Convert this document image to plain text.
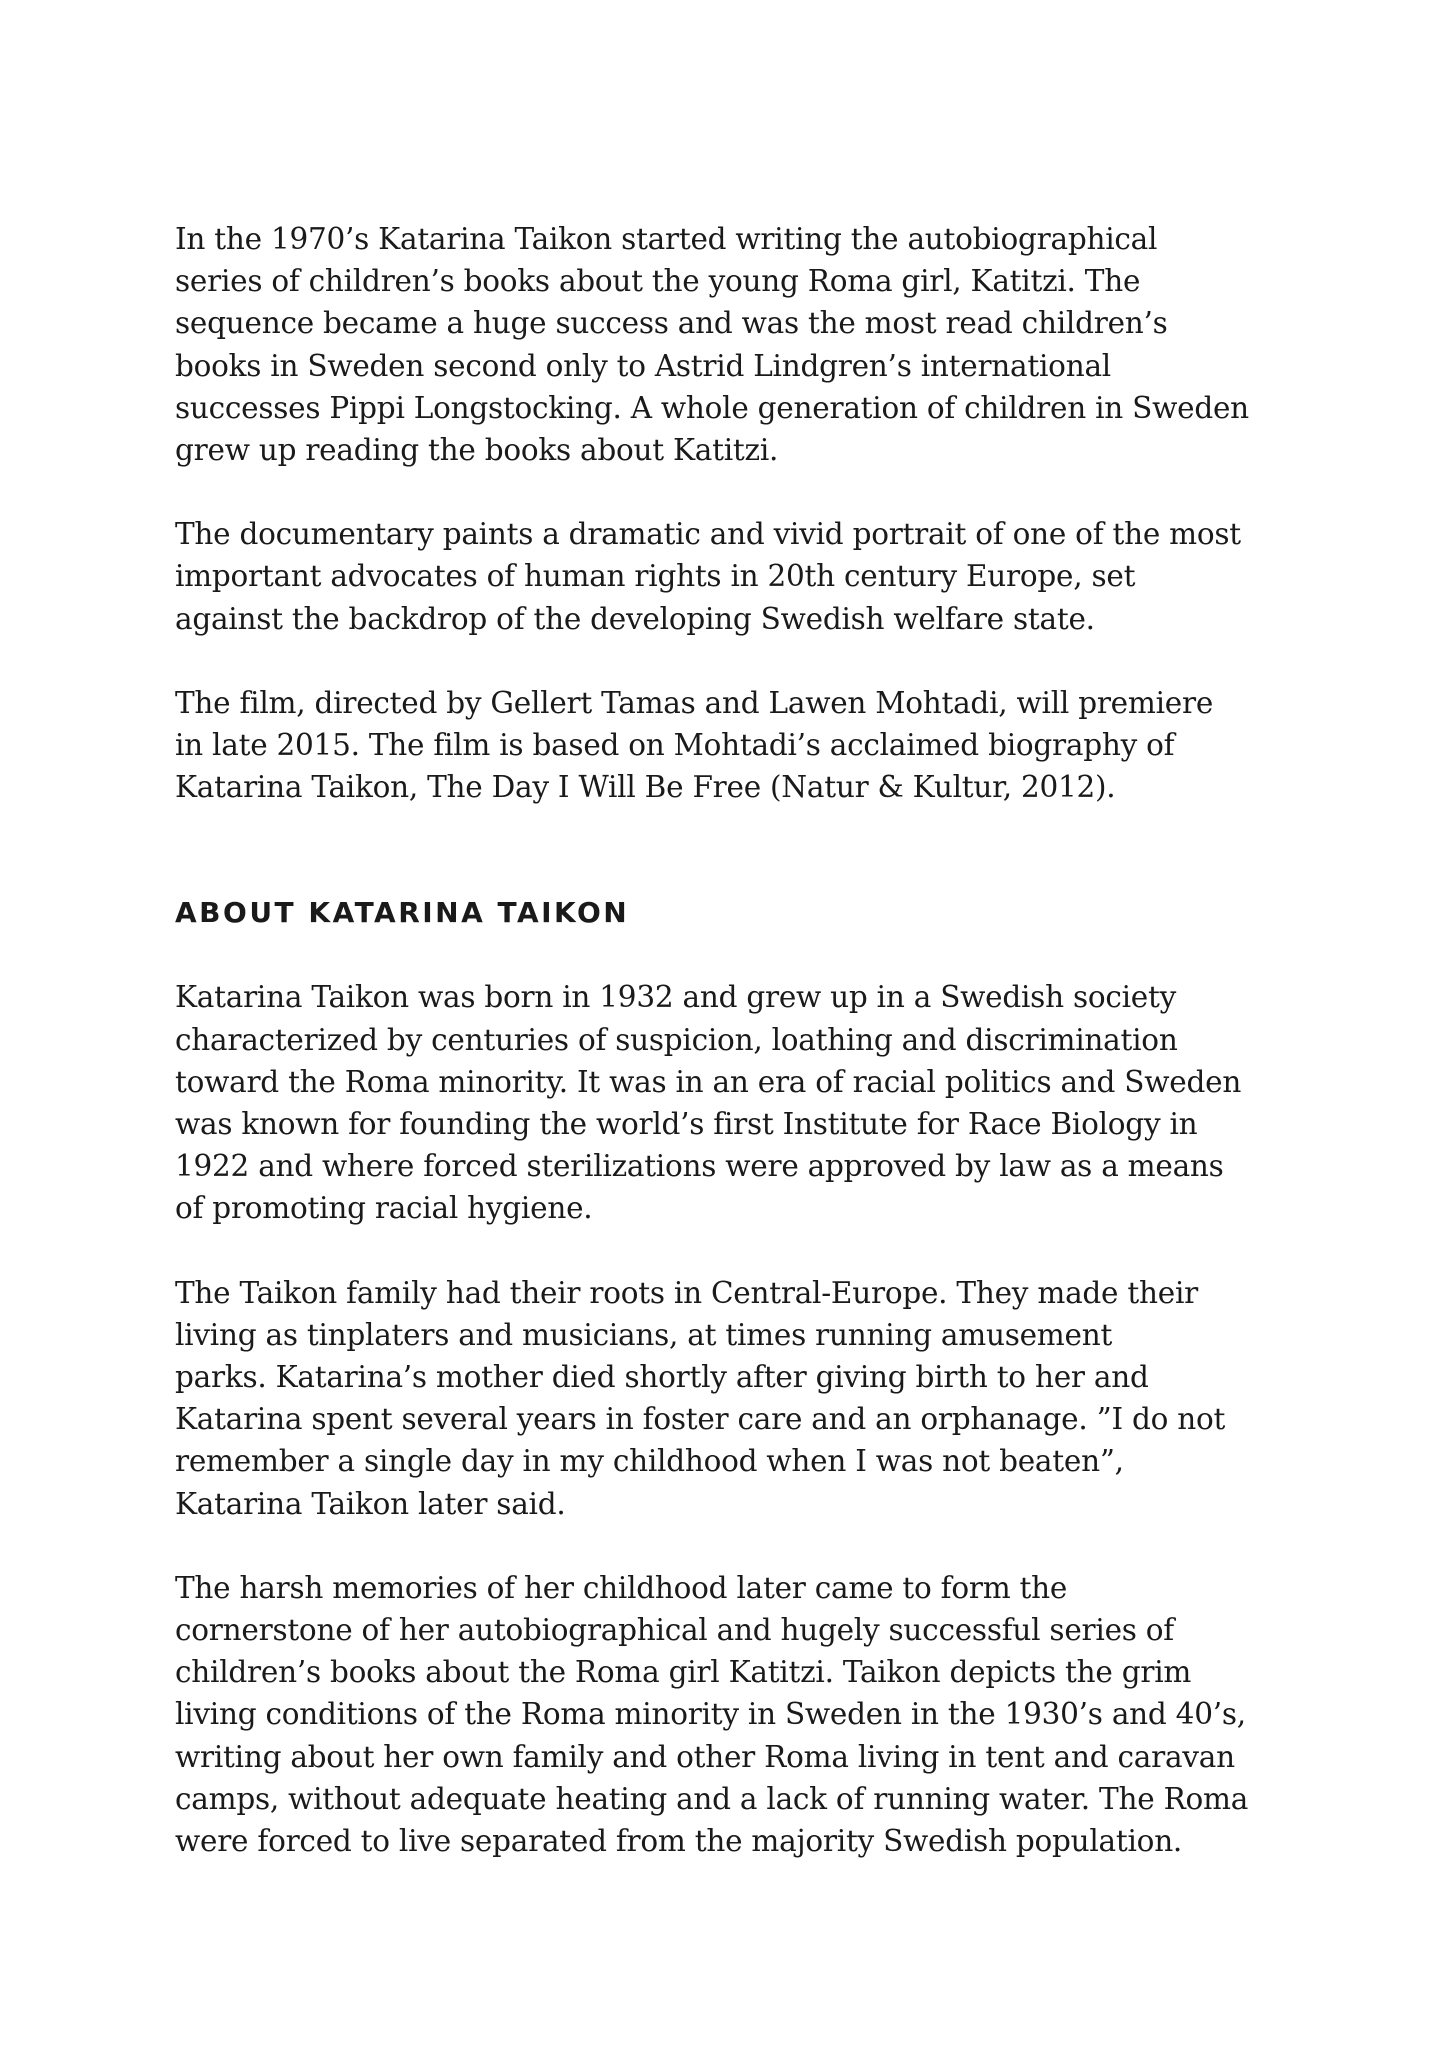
In the 1970’s Katarina Taikon started writing the autobiographical
series of children’s books about the young Roma girl, Katitzi. The
sequence became a huge success and was the most read children’s
books in Sweden second only to Astrid Lindgren’s international
successes Pippi Longstocking. A whole generation of children in Sweden
grew up reading the books about Katitzi.
The documentary paints a dramatic and vivid portrait of one of the most
important advocates of human rights in 20th century Europe, set
against the backdrop of the developing Swedish welfare state.
The film, directed by Gellert Tamas and Lawen Mohtadi, will premiere
in late 2015. The film is based on Mohtadi’s acclaimed biography of
Katarina Taikon, The Day I Will Be Free (Natur & Kultur, 2012).
ABOUT KATARINA TAIKON
Katarina Taikon was born in 1932 and grew up in a Swedish society
characterized by centuries of suspicion, loathing and discrimination
toward the Roma minority. It was in an era of racial politics and Sweden
was known for founding the world’s first Institute for Race Biology in
1922 and where forced sterilizations were approved by law as a means
of promoting racial hygiene.
The Taikon family had their roots in Central-Europe. They made their
living as tinplaters and musicians, at times running amusement
parks. Katarina’s mother died shortly after giving birth to her and
Katarina spent several years in foster care and an orphanage. ”I do not
remember a single day in my childhood when I was not beaten”,
Katarina Taikon later said.
The harsh memories of her childhood later came to form the
cornerstone of her autobiographical and hugely successful series of
children’s books about the Roma girl Katitzi. Taikon depicts the grim
living conditions of the Roma minority in Sweden in the 1930’s and 40’s,
writing about her own family and other Roma living in tent and caravan
camps, without adequate heating and a lack of running water. The Roma
were forced to live separated from the majority Swedish population.
